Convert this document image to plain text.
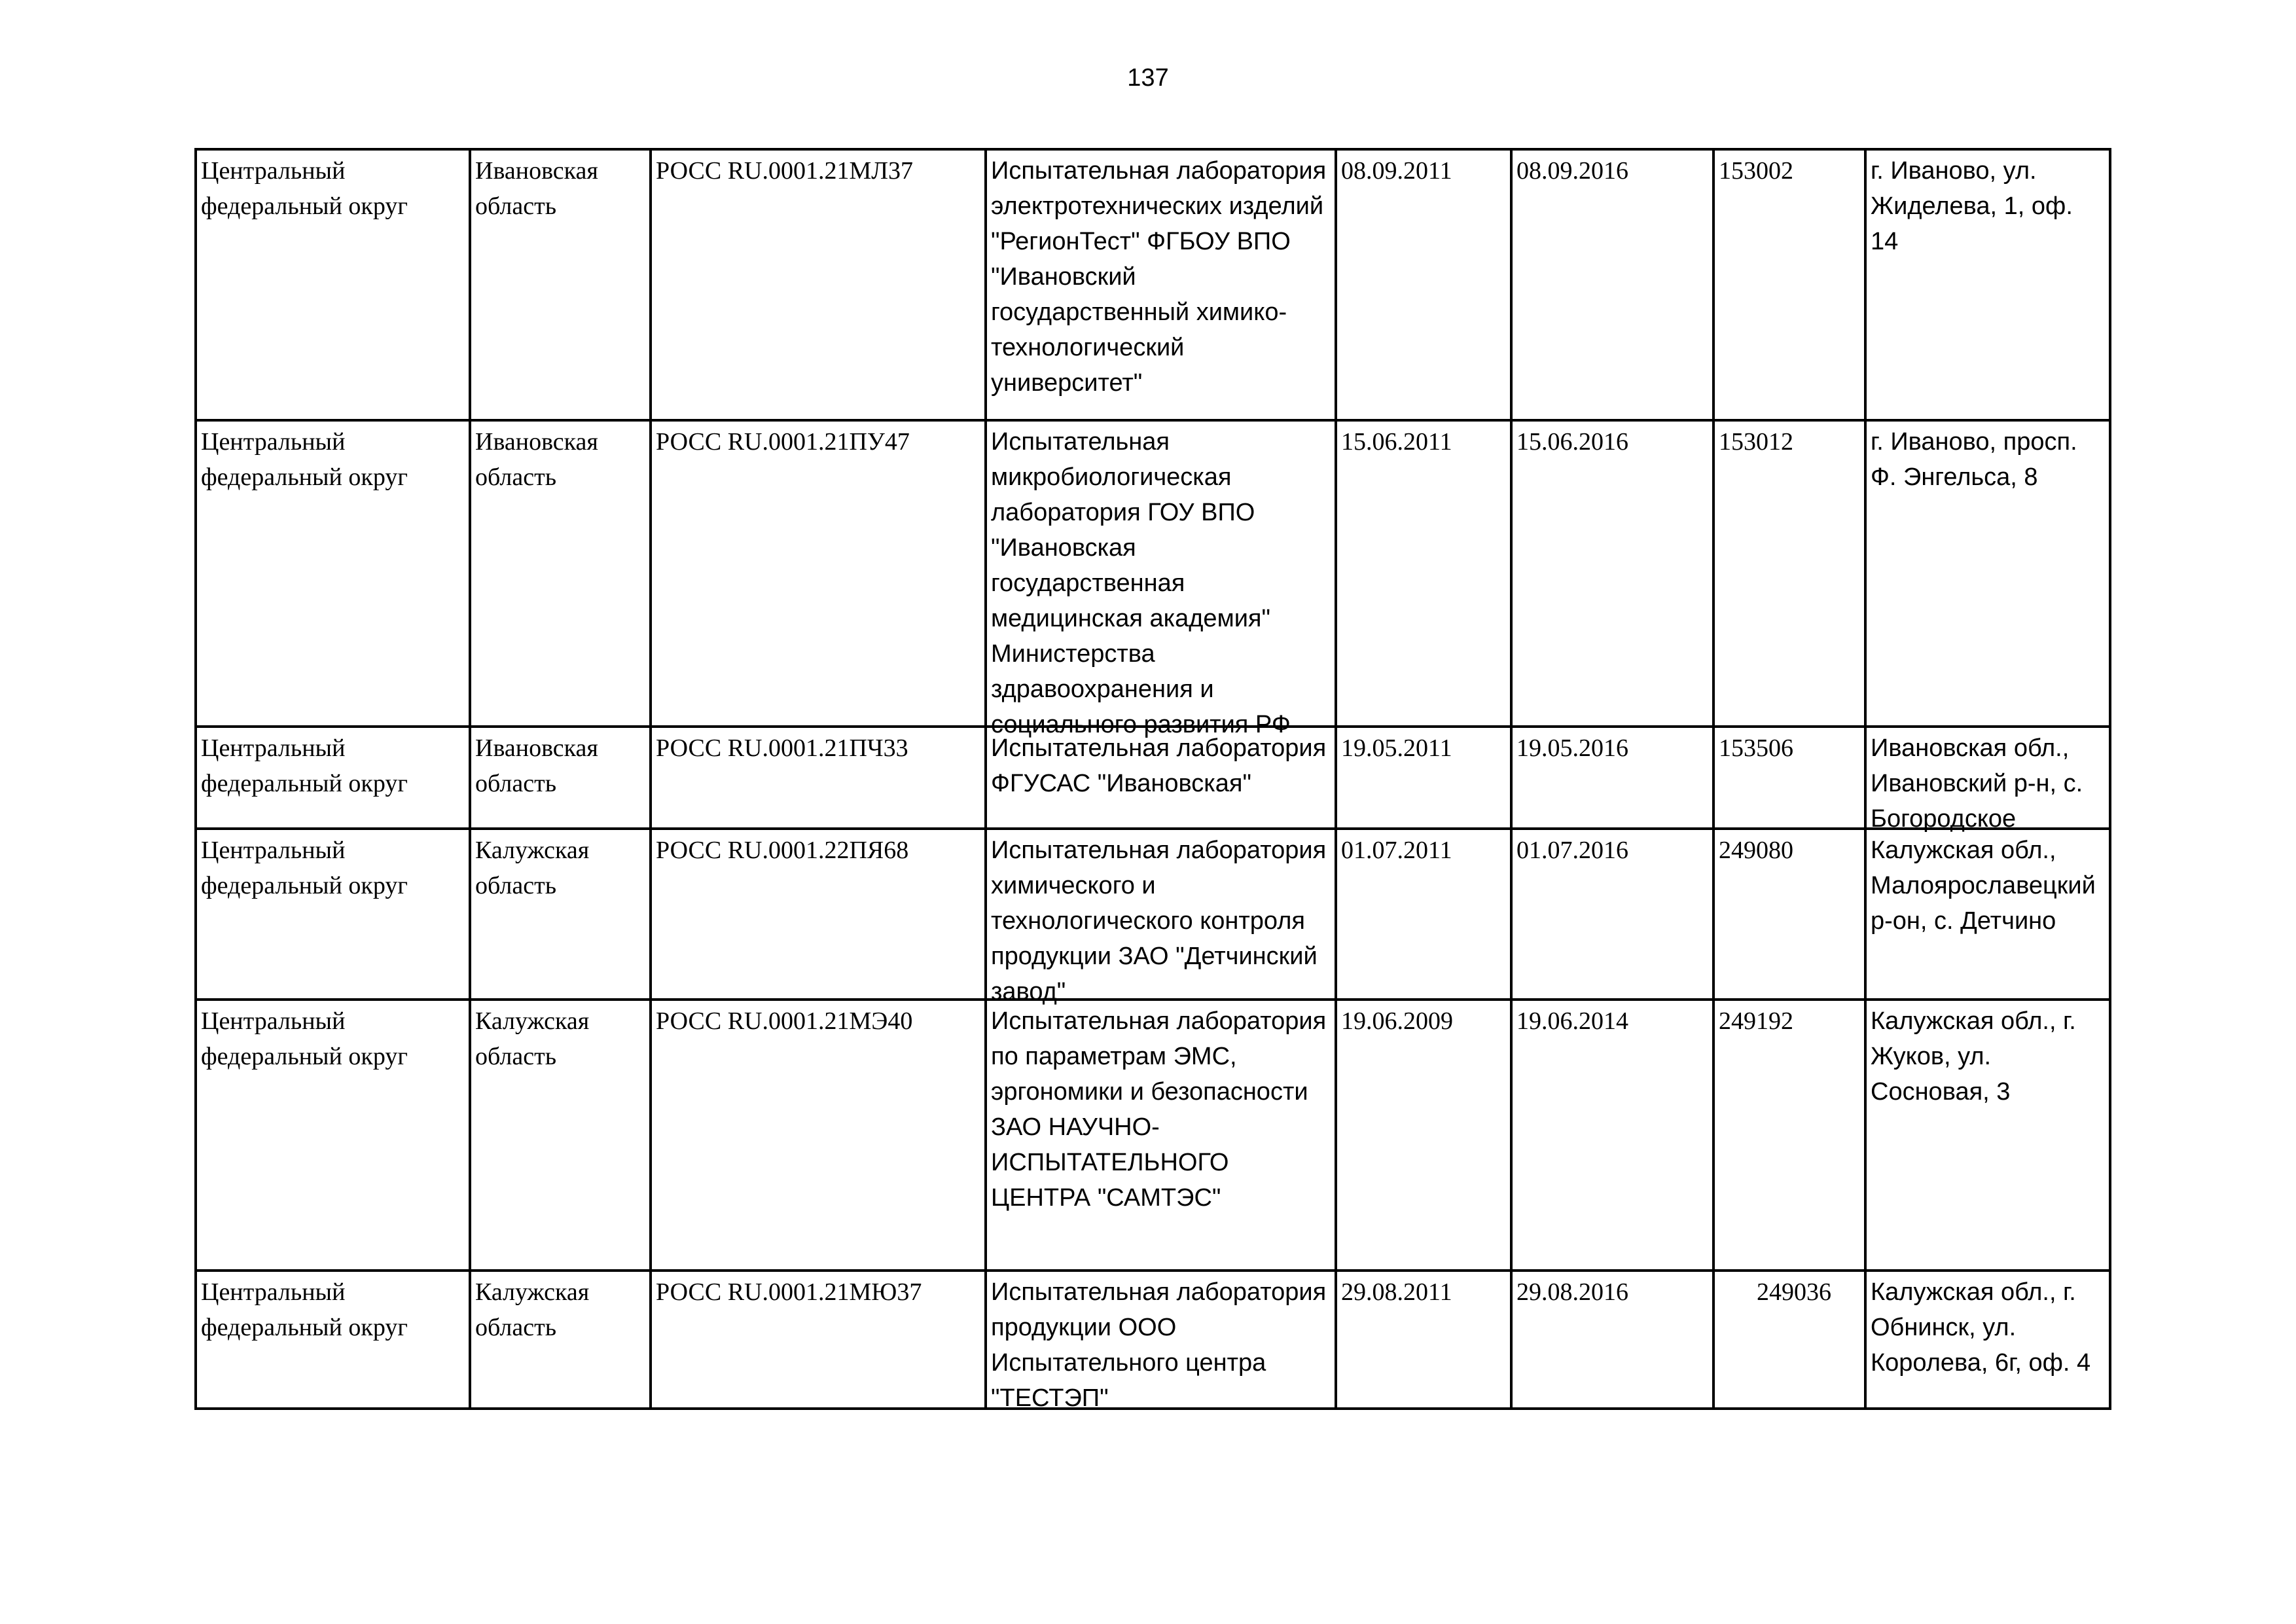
137
Центральный федеральный округ	Ивановская область	РОСС RU.0001.21МЛ37	Испытательная лаборатория электротехнических изделий "РегионТест" ФГБОУ ВПО "Ивановский государственный химико-технологический университет"	08.09.2011	08.09.2016	153002	г. Иваново, ул. Жиделева, 1, оф. 14

Центральный федеральный округ	Ивановская область	РОСС RU.0001.21ПУ47	Испытательная микробиологическая лаборатория ГОУ ВПО "Ивановская государственная медицинская академия" Министерства здравоохранения и социального развития РФ	15.06.2011	15.06.2016	153012	г. Иваново, просп. Ф. Энгельса, 8

Центральный федеральный округ	Ивановская область	РОСС RU.0001.21ПЧ33	Испытательная лаборатория ФГУСАС "Ивановская"	19.05.2011	19.05.2016	153506	Ивановская обл., Ивановский р-н, с. Богородское

Центральный федеральный округ	Калужская область	РОСС RU.0001.22ПЯ68	Испытательная лаборатория химического и технологического контроля продукции ЗАО "Детчинский завод"	01.07.2011	01.07.2016	249080	Калужская обл., Малоярославецкий р-он, с. Детчино

Центральный федеральный округ	Калужская область	РОСС RU.0001.21МЭ40	Испытательная лаборатория по параметрам ЭМС, эргономики и безопасности ЗАО НАУЧНО-ИСПЫТАТЕЛЬНОГО ЦЕНТРА "САМТЭС"	19.06.2009	19.06.2014	249192	Калужская обл., г. Жуков, ул. Сосновая, 3

Центральный федеральный округ	Калужская область	РОСС RU.0001.21МЮ37	Испытательная лаборатория продукции ООО Испытательного центра "ТЕСТЭП"	29.08.2011	29.08.2016	249036	Калужская обл., г. Обнинск, ул. Королева, 6г, оф. 4
